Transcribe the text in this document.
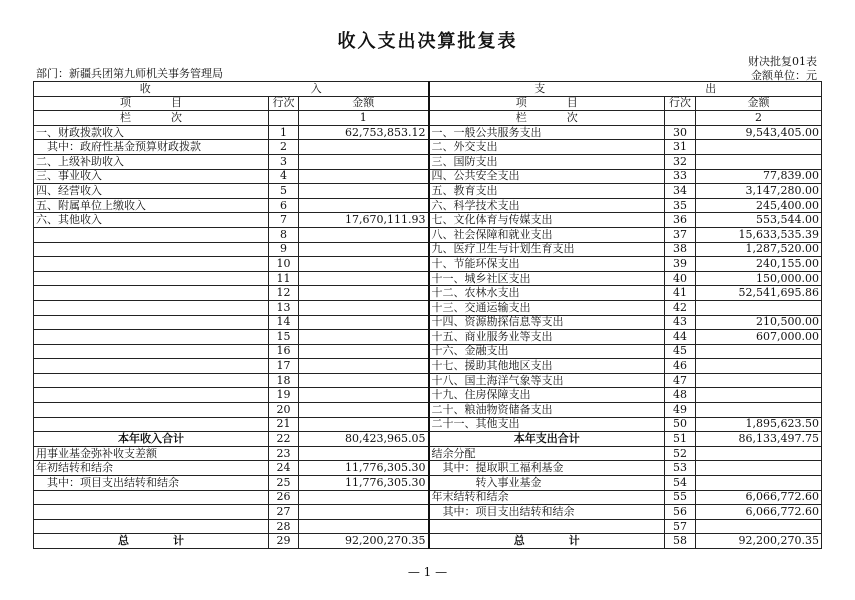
收入支出决算批复表
财决批复01表
部门：新疆兵团第九师机关事务管理局	金额单位：元
收 入			支 出		
项 目	行次	金额	项 目	行次	金额
栏 次		1	栏 次		2
一、财政拨款收入	1	62,753,853.12	一、一般公共服务支出	30	9,543,405.00
　其中：政府性基金预算财政拨款	2		二、外交支出	31	
二、上级补助收入	3		三、国防支出	32	
三、事业收入	4		四、公共安全支出	33	77,839.00
四、经营收入	5		五、教育支出	34	3,147,280.00
五、附属单位上缴收入	6		六、科学技术支出	35	245,400.00
六、其他收入	7	17,670,111.93	七、文化体育与传媒支出	36	553,544.00
	8		八、社会保障和就业支出	37	15,633,535.39
	9		九、医疗卫生与计划生育支出	38	1,287,520.00
	10		十、节能环保支出	39	240,155.00
	11		十一、城乡社区支出	40	150,000.00
	12		十二、农林水支出	41	52,541,695.86
	13		十三、交通运输支出	42	
	14		十四、资源勘探信息等支出	43	210,500.00
	15		十五、商业服务业等支出	44	607,000.00
	16		十六、金融支出	45	
	17		十七、援助其他地区支出	46	
	18		十八、国土海洋气象等支出	47	
	19		十九、住房保障支出	48	
	20		二十、粮油物资储备支出	49	
	21		二十一、其他支出	50	1,895,623.50
本年收入合计	22	80,423,965.05	本年支出合计	51	86,133,497.75
用事业基金弥补收支差额	23		结余分配	52	
年初结转和结余	24	11,776,305.30	　其中：提取职工福利基金	53	
　其中：项目支出结转和结余	25	11,776,305.30	　　　　转入事业基金	54	
	26		年末结转和结余	55	6,066,772.60
	27		　其中：项目支出结转和结余	56	6,066,772.60
	28			57	
总　　　　计	29	92,200,270.35	总　　　　计	58	92,200,270.35
— 1 —
